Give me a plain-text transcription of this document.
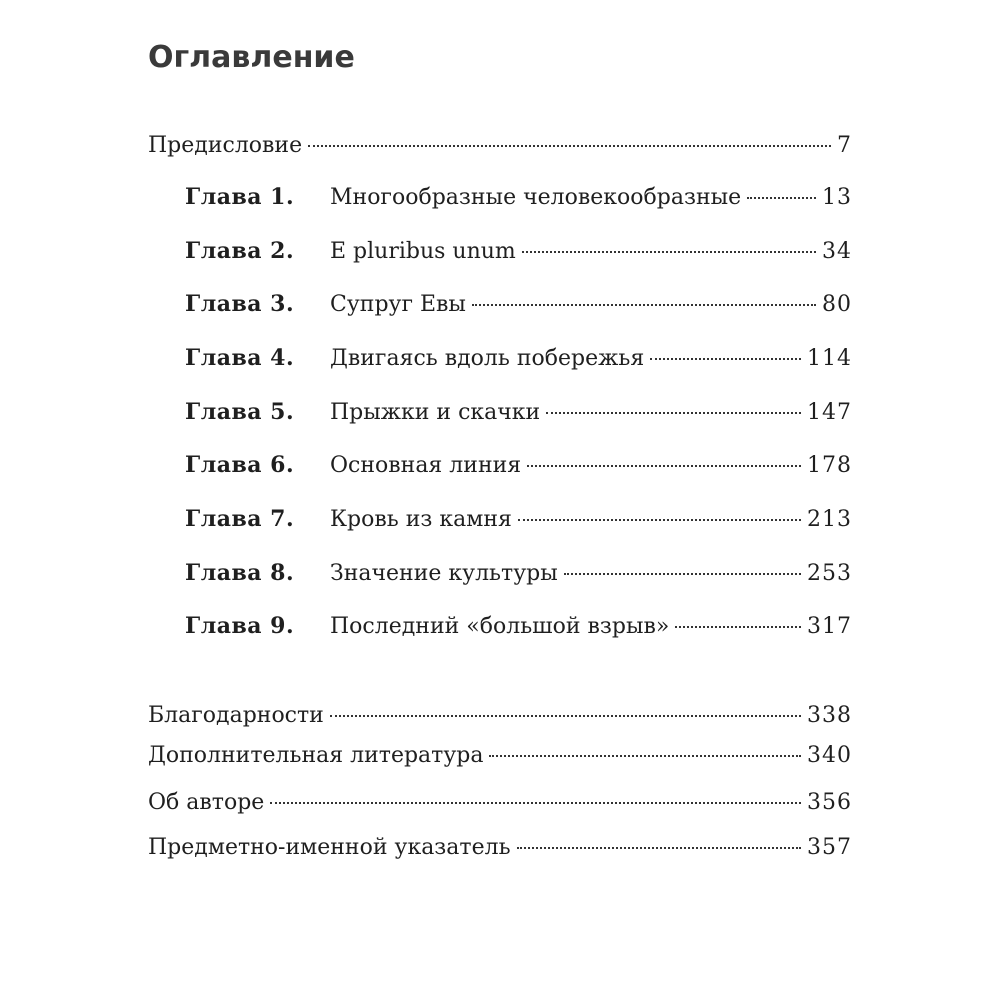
Оглавление
Предисловие	7
Глава 1.	Многообразные человекообразные	13
Глава 2.	E pluribus unum	34
Глава 3.	Супруг Евы	80
Глава 4.	Двигаясь вдоль побережья	114
Глава 5.	Прыжки и скачки	147
Глава 6.	Основная линия	178
Глава 7.	Кровь из камня	213
Глава 8.	Значение культуры	253
Глава 9.	Последний «большой взрыв»	317
Благодарности	338
Дополнительная литература	340
Об авторе	356
Предметно-именной указатель	357
